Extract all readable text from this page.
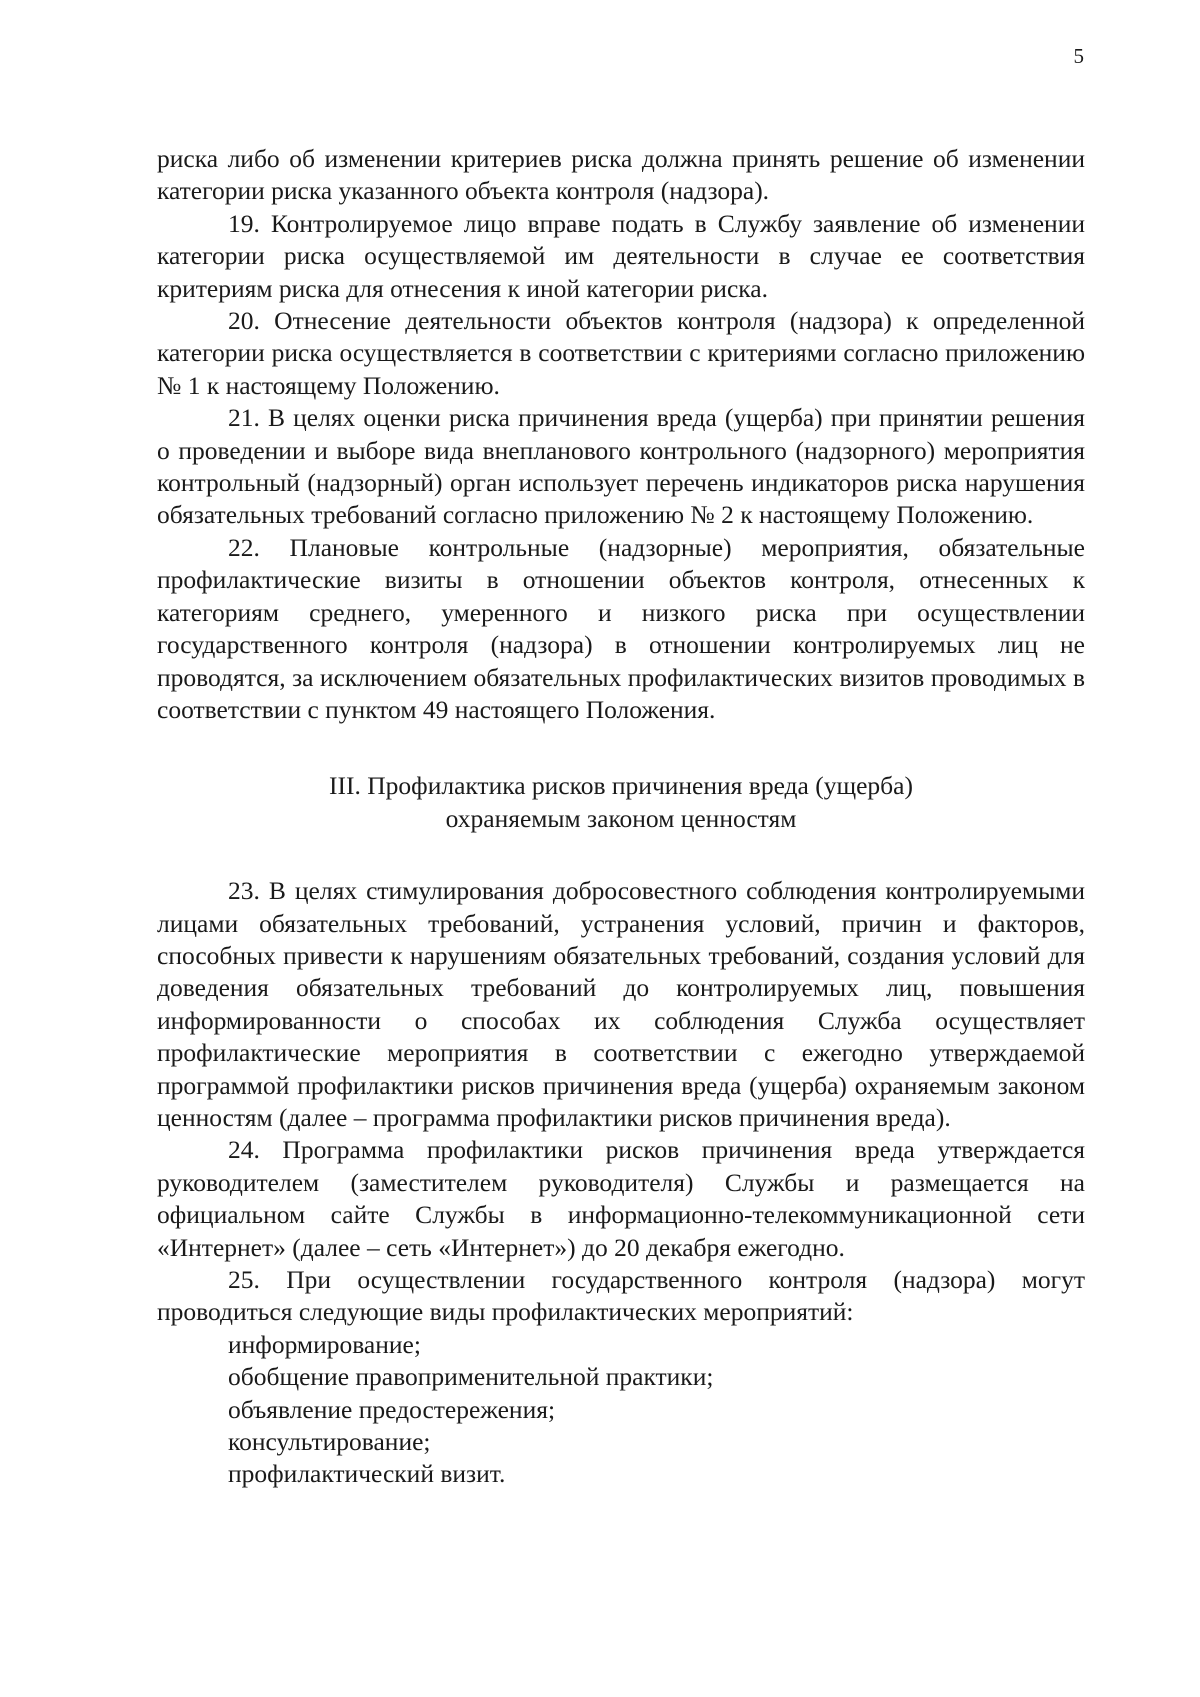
5

риска либо об изменении критериев риска должна принять решение об изменении категории риска указанного объекта контроля (надзора).

19. Контролируемое лицо вправе подать в Службу заявление об изменении категории риска осуществляемой им деятельности в случае ее соответствия критериям риска для отнесения к иной категории риска.

20. Отнесение деятельности объектов контроля (надзора) к определенной категории риска осуществляется в соответствии с критериями согласно приложению № 1 к настоящему Положению.

21. В целях оценки риска причинения вреда (ущерба) при принятии решения о проведении и выборе вида внепланового контрольного (надзорного) мероприятия контрольный (надзорный) орган использует перечень индикаторов риска нарушения обязательных требований согласно приложению № 2 к настоящему Положению.

22. Плановые контрольные (надзорные) мероприятия, обязательные профилактические визиты в отношении объектов контроля, отнесенных к категориям среднего, умеренного и низкого риска при осуществлении государственного контроля (надзора) в отношении контролируемых лиц не проводятся, за исключением обязательных профилактических визитов проводимых в соответствии с пунктом 49 настоящего Положения.

III. Профилактика рисков причинения вреда (ущерба)

охраняемым законом ценностям

23. В целях стимулирования добросовестного соблюдения контролируемыми лицами обязательных требований, устранения условий, причин и факторов, способных привести к нарушениям обязательных требований, создания условий для доведения обязательных требований до контролируемых лиц, повышения информированности о способах их соблюдения Служба осуществляет профилактические мероприятия в соответствии с ежегодно утверждаемой программой профилактики рисков причинения вреда (ущерба) охраняемым законом ценностям (далее – программа профилактики рисков причинения вреда).

24. Программа профилактики рисков причинения вреда утверждается руководителем (заместителем руководителя) Службы и размещается на официальном сайте Службы в информационно-телекоммуникационной сети «Интернет» (далее – сеть «Интернет») до 20 декабря ежегодно.

25. При осуществлении государственного контроля (надзора) могут проводиться следующие виды профилактических мероприятий:

информирование;

обобщение правоприменительной практики;

объявление предостережения;

консультирование;

профилактический визит.
